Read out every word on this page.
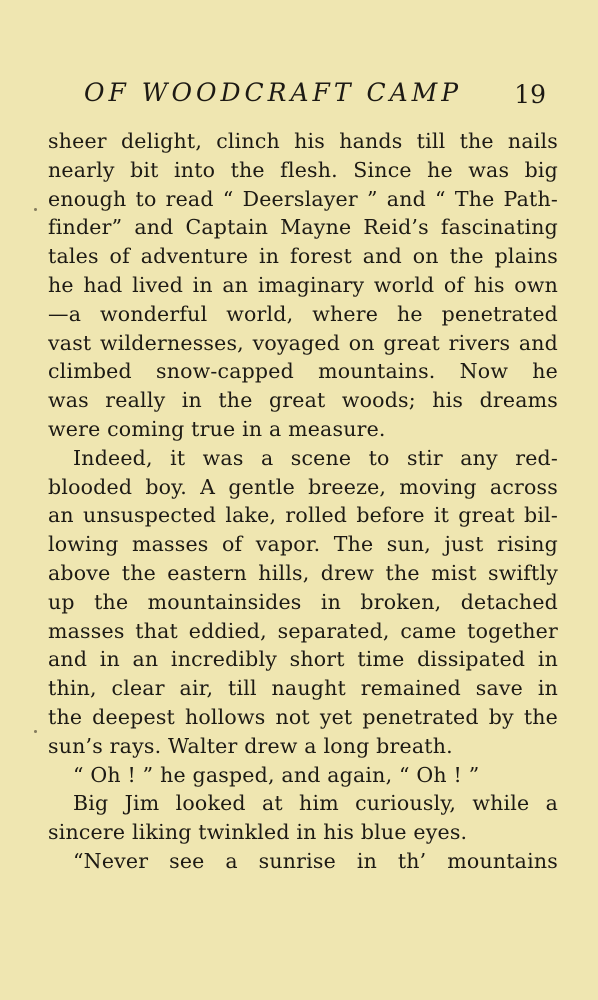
OF WOODCRAFT CAMP 19
sheer delight, clinch his hands till the nails
nearly bit into the flesh. Since he was big
enough to read “ Deerslayer ” and “ The Path-
finder” and Captain Mayne Reid’s fascinating
tales of adventure in forest and on the plains
he had lived in an imaginary world of his own
—a wonderful world, where he penetrated
vast wildernesses, voyaged on great rivers and
climbed snow-capped mountains. Now he
was really in the great woods; his dreams
were coming true in a measure.
Indeed, it was a scene to stir any red-
blooded boy. A gentle breeze, moving across
an unsuspected lake, rolled before it great bil-
lowing masses of vapor. The sun, just rising
above the eastern hills, drew the mist swiftly
up the mountainsides in broken, detached
masses that eddied, separated, came together
and in an incredibly short time dissipated in
thin, clear air, till naught remained save in
the deepest hollows not yet penetrated by the
sun’s rays. Walter drew a long breath.
“ Oh ! ” he gasped, and again, “ Oh ! ”
Big Jim looked at him curiously, while a
sincere liking twinkled in his blue eyes.
“Never see a sunrise in th’ mountains
